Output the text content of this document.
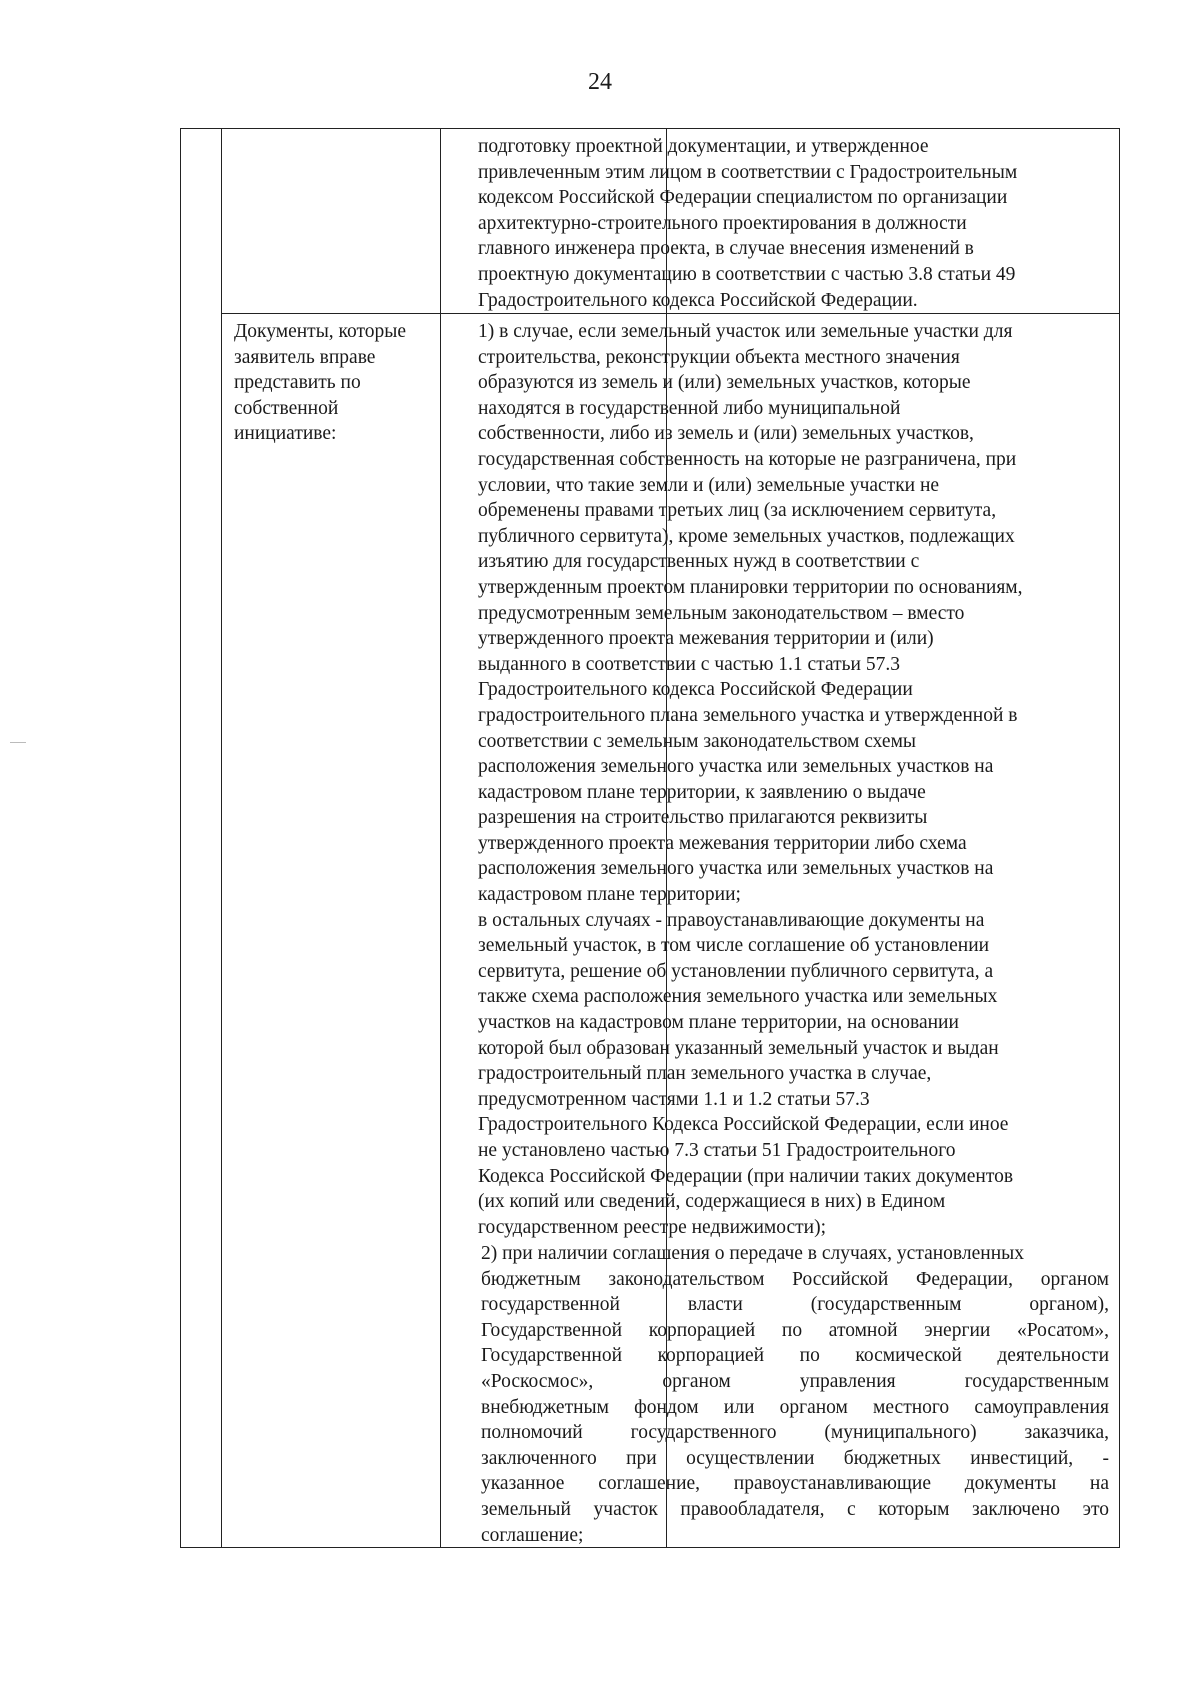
24
подготовку проектной документации, и утвержденное
привлеченным этим лицом в соответствии с Градостроительным
кодексом Российской Федерации специалистом по организации
архитектурно-строительного проектирования в должности
главного инженера проекта, в случае внесения изменений в
проектную документацию в соответствии с частью 3.8 статьи 49
Градостроительного кодекса Российской Федерации.
Документы, которые
заявитель вправе
представить по
собственной
инициативе:
1) в случае, если земельный участок или земельные участки для
строительства, реконструкции объекта местного значения
образуются из земель и (или) земельных участков, которые
находятся в государственной либо муниципальной
собственности, либо из земель и (или) земельных участков,
государственная собственность на которые не разграничена, при
условии, что такие земли и (или) земельные участки не
обременены правами третьих лиц (за исключением сервитута,
публичного сервитута), кроме земельных участков, подлежащих
изъятию для государственных нужд в соответствии с
утвержденным проектом планировки территории по основаниям,
предусмотренным земельным законодательством – вместо
утвержденного проекта межевания территории и (или)
выданного в соответствии с частью 1.1 статьи 57.3
Градостроительного кодекса Российской Федерации
градостроительного плана земельного участка и утвержденной в
соответствии с земельным законодательством схемы
расположения земельного участка или земельных участков на
кадастровом плане территории, к заявлению о выдаче
разрешения на строительство прилагаются реквизиты
утвержденного проекта межевания территории либо схема
расположения земельного участка или земельных участков на
кадастровом плане территории;
в остальных случаях - правоустанавливающие документы на
земельный участок, в том числе соглашение об установлении
сервитута, решение об установлении публичного сервитута, а
также схема расположения земельного участка или земельных
участков на кадастровом плане территории, на основании
которой был образован указанный земельный участок и выдан
градостроительный план земельного участка в случае,
предусмотренном частями 1.1 и 1.2 статьи 57.3
Градостроительного Кодекса Российской Федерации, если иное
не установлено частью 7.3 статьи 51 Градостроительного
Кодекса Российской Федерации (при наличии таких документов
(их копий или сведений, содержащиеся в них) в Едином
государственном реестре недвижимости);
2) при наличии соглашения о передаче в случаях, установленных
бюджетным законодательством Российской Федерации, органом
государственной власти (государственным органом),
Государственной корпорацией по атомной энергии «Росатом»,
Государственной корпорацией по космической деятельности
«Роскосмос», органом управления государственным
внебюджетным фондом или органом местного самоуправления
полномочий государственного (муниципального) заказчика,
заключенного при осуществлении бюджетных инвестиций, -
указанное соглашение, правоустанавливающие документы на
земельный участок правообладателя, с которым заключено это
соглашение;
